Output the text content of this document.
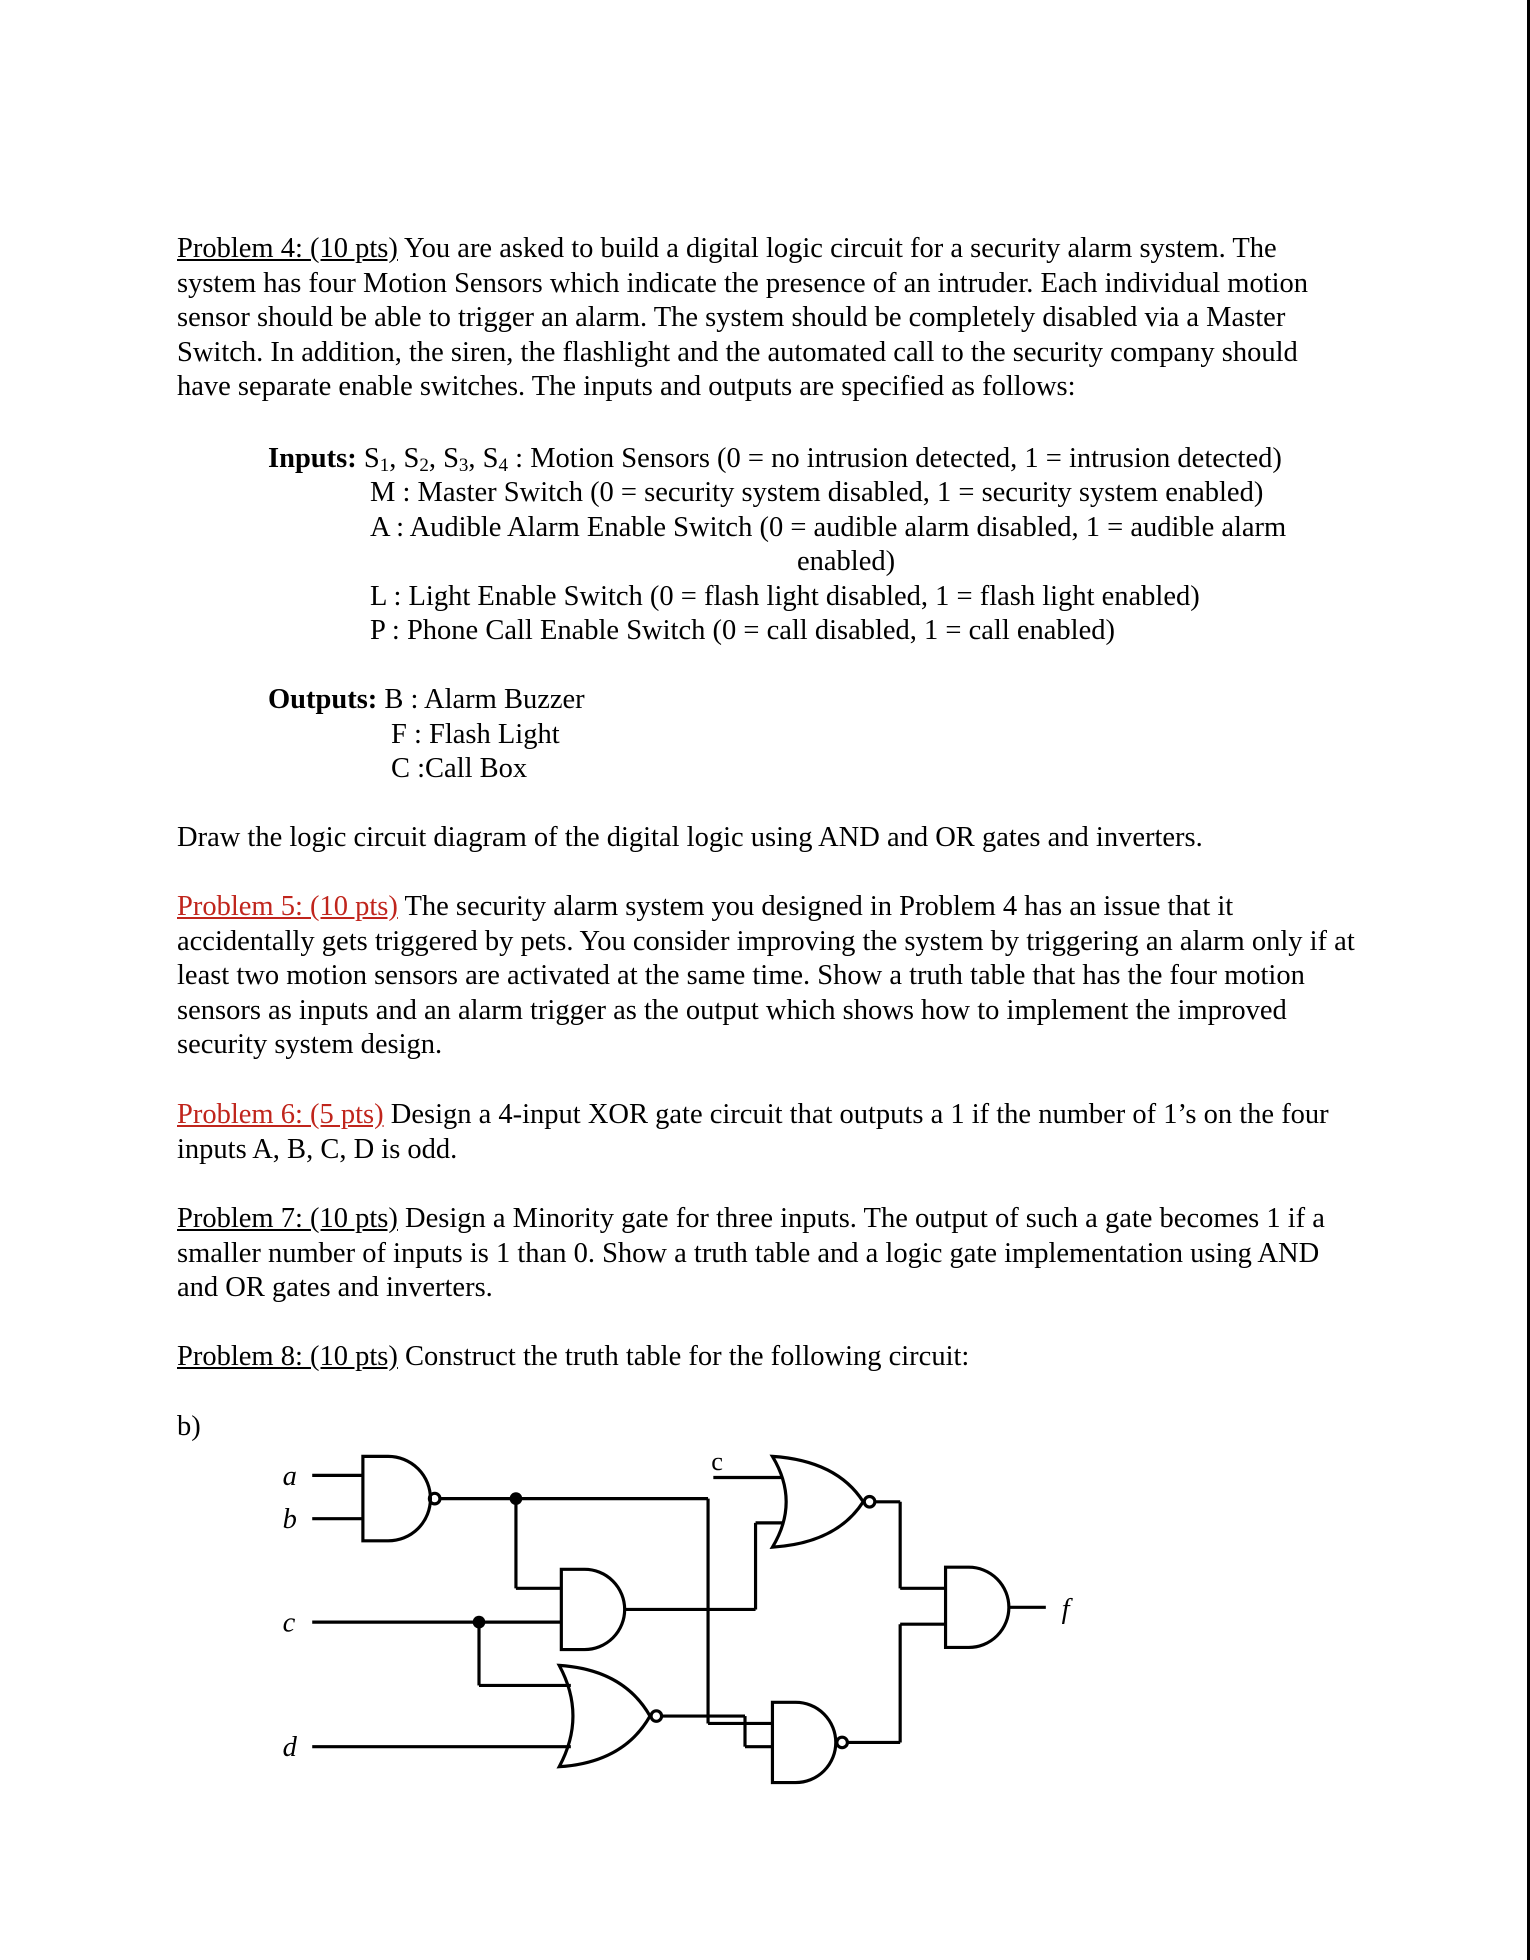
Problem 4: (10 pts) You are asked to build a digital logic circuit for a security alarm system. The system has four Motion Sensors which indicate the presence of an intruder. Each individual motion sensor should be able to trigger an alarm. The system should be completely disabled via a Master Switch. In addition, the siren, the flashlight and the automated call to the security company should have separate enable switches. The inputs and outputs are specified as follows:

Inputs: $S_1$, $S_2$, $S_3$, $S_4$ : Motion Sensors (0 = no intrusion detected, 1 = intrusion detected)
M : Master Switch (0 = security system disabled, 1 = security system enabled)
A : Audible Alarm Enable Switch (0 = audible alarm disabled, 1 = audible alarm
enabled)
L : Light Enable Switch (0 = flash light disabled, 1 = flash light enabled)
P : Phone Call Enable Switch (0 = call disabled, 1 = call enabled)
Outputs: B : Alarm Buzzer
F : Flash Light
C :Call Box
Draw the logic circuit diagram of the digital logic using AND and OR gates and inverters.

Problem 5: (10 pts) The security alarm system you designed in Problem 4 has an issue that it accidentally gets triggered by pets. You consider improving the system by triggering an alarm only if at least two motion sensors are activated at the same time. Show a truth table that has the four motion sensors as inputs and an alarm trigger as the output which shows how to implement the improved security system design.

Problem 6: (5 pts) Design a 4-input XOR gate circuit that outputs a 1 if the number of 1’s on the four inputs A, B, C, D is odd.

Problem 7: (10 pts) Design a Minority gate for three inputs. The output of such a gate becomes 1 if a smaller number of inputs is 1 than 0. Show a truth table and a logic gate implementation using AND and OR gates and inverters.

Problem 8: (10 pts) Construct the truth table for the following circuit:

b)
a
b
c
d
f
c
